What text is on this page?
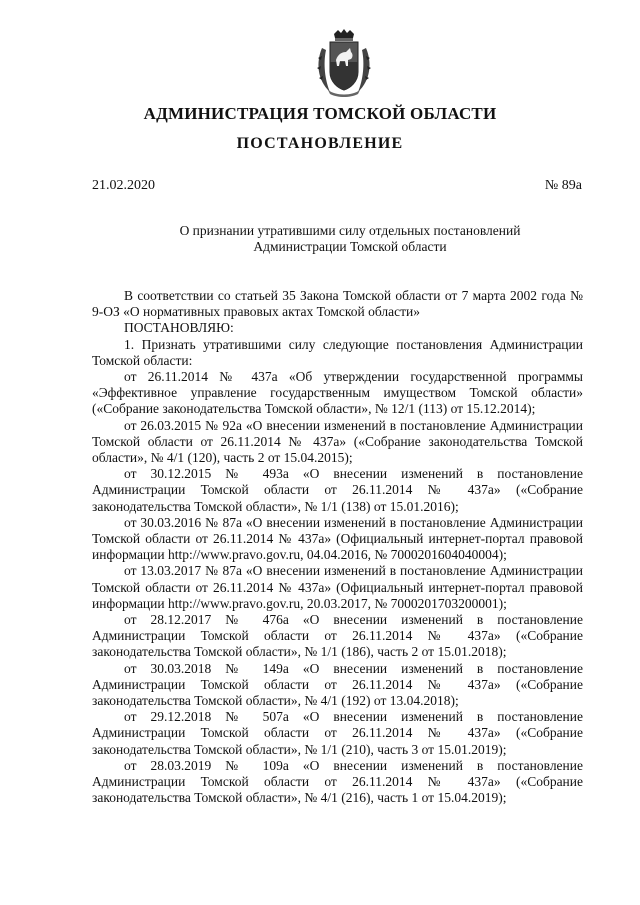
АДМИНИСТРАЦИЯ ТОМСКОЙ ОБЛАСТИ
ПОСТАНОВЛЕНИЕ
21.02.2020	№ 89а
О признании утратившими силу отдельных постановлений
Администрации Томской области

В соответствии со статьей 35 Закона Томской области от 7 марта 2002 года № 9-ОЗ «О нормативных правовых актах Томской области»

ПОСТАНОВЛЯЮ:

1. Признать утратившими силу следующие постановления Администрации Томской области:

от 26.11.2014 № 437а «Об утверждении государственной программы «Эффективное управление государственным имуществом Томской области» («Собрание законодательства Томской области», № 12/1 (113) от 15.12.2014);

от 26.03.2015 № 92а «О внесении изменений в постановление Администрации Томской области от 26.11.2014 № 437а» («Собрание законодательства Томской области», № 4/1 (120), часть 2 от 15.04.2015);

от 30.12.2015 № 493а «О внесении изменений в постановление Администрации Томской области от 26.11.2014 № 437а» («Собрание законодательства Томской области», № 1/1 (138) от 15.01.2016);

от 30.03.2016 № 87а «О внесении изменений в постановление Администрации Томской области от 26.11.2014 № 437а» (Официальный интернет-портал правовой информации http://www.pravo.gov.ru, 04.04.2016, № 7000201604040004);

от 13.03.2017 № 87а «О внесении изменений в постановление Администрации Томской области от 26.11.2014 № 437а» (Официальный интернет-портал правовой информации http://www.pravo.gov.ru, 20.03.2017, № 7000201703200001);

от 28.12.2017 № 476а «О внесении изменений в постановление Администрации Томской области от 26.11.2014 № 437а» («Собрание законодательства Томской области», № 1/1 (186), часть 2 от 15.01.2018);

от 30.03.2018 № 149а «О внесении изменений в постановление Администрации Томской области от 26.11.2014 № 437а» («Собрание законодательства Томской области», № 4/1 (192) от 13.04.2018);

от 29.12.2018 № 507а «О внесении изменений в постановление Администрации Томской области от 26.11.2014 № 437а» («Собрание законодательства Томской области», № 1/1 (210), часть 3 от 15.01.2019);

от 28.03.2019 № 109а «О внесении изменений в постановление Администрации Томской области от 26.11.2014 № 437а» («Собрание законодательства Томской области», № 4/1 (216), часть 1 от 15.04.2019);
